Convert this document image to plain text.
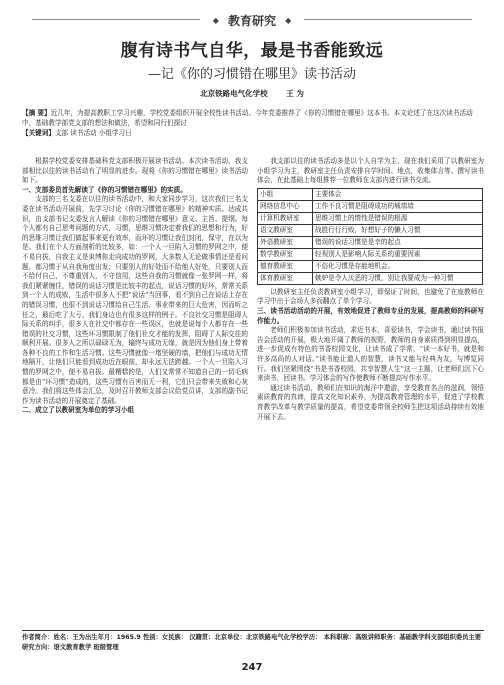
◆ 教育研究 ◆
腹有诗书气自华，最是书香能致远
—记《你的习惯错在哪里》读书活动
北京铁路电气化学校 王 为
【摘 要】近几年，为提高教职工学习兴趣，学校党委组织开展全校性读书活动。今年党委推荐了《你的习惯错在哪里》这本书。本文论述了在这次读书活动中，基础教学部党支部的想法和做法，希望和同行们探讨
【关键词】支部 读书活动 小组学习日

根据学校党委安排基础科党支部积极开展读书活动。本次读书活动，我支部相比以往的读书活动有了明显的进步。现将《你的习惯错在哪里》读书活动如下。

一、支部委员首先解读了《你的习惯错在哪里》的实质。

支部的三名支委在以往的读书活动中，和大家同步学习，这次我们三名支委在读书活动开展前，先学习讨论《你的习惯错在哪里》的精神实质。达成共识，由支部书记支委发言人解读《你的习惯错在哪里》意义、主旨、提纲。每个人都有自己思考问题的方式，习惯，思维习惯决定着我们的思想和行为，好的思维习惯让我们做起事来更有效率，而坏的习惯让我们封闭，保守，在以为是。我们在个人方面剖析的比较多，如：一个人一旦陷入习惯的罗网之中，便不易自拔，自我主义是束缚你走向成功的罗网，大多数人无论做事情还是看问题，都习惯于从自我角度出发；只要别人的好处而不给他人好处，只要别人而不给付自己，不尊重别人，不守信用，这些自我的习惯就像一张罗网一样，将我们紧紧缠住，错误的说话习惯是比较丰的起点，说话习惯的好坏，常常关系到一个人的成败，生活中很多人不把“说话”当回事，看不到自己在说话上存在的错误习惯，也很不到说话习惯给自己生活、事业带来的巨大危害，因而听之任之，最后吃了大亏，我们身边也有很多这样的例子。不良社交习惯是阻碍人际关系的纠手，很多人在社交中都存在一些误区，也就是说每个人都存在一些错误的社交习惯，这些坏习惯限制了他们社交才能的发挥，阻碍了人际交往的顺利开展。很多人之所以碌碌无为，输终与成功无缘，就是因为他们身上带着各种不良的工作和生活习惯。这些习惯就像一堵坚硬的墙，把他们与成功无情地隔开，让他们只能看到成功近在眼前，却永远无法跨越。一个人一旦陷入习惯的罗网之中，便不易自拔。最糟糕的是，人们又常常不知道自己的一切毛病都是由“坏习惯”造成的，这些习惯有百害而无一利，它们只会带来失败和心灰意冷。我们将这些体会汇总，及时召开教师支部会议给党员讲，支部的副书记作为读书活动的开展奠定了基础。

二、成立了以教研室为单位的学习小组

我支部以往的读书活动多是以个人自学为主，现在我们采用了以教研室为小组学习为主，教研室主任负责安排自学时间、地点，收集体言等。撰写读书体会，在此基础上每组推荐一位教师在支部内进行读书交流。

小组	主要体会
网络信息中心	工作不良习惯是阻碍成功的城墙墙
计算机教研室	思维习惯上的惰性是错误的根源
语文教研室	战胜行行行败，好想好子的懒人习惯
外语教研室	错误的说话习惯是是幸的起点
数学教研室	轻视别人是影响人际关系的重要因素
德育教研室	不俗化习惯是存能地机会。
体育教研室	嫉妒是令人厌恶的习惯，别让我要成为一种习惯

以教研室主任负责教研室小组学习，即保证了时间，也避免了在座教师在学习中出于会场人多而翻点了单个学习。

三、读书活动活动的开展，有效地促进了教师专业的发展，提高教师的科研写作能力。

老师们积极参加读书活动，求近书本，喜爱读书，学会读书，通过读书报告会活动的开展，极大地开阔了教师的视野，教师的自身素质得到明显提高，进一步促成有特色的书香校园文化，让读书成了学常，“读一本好书，就是和许多高尚的人对话。”读书能让道人的智慧，读书又能与经典为友，与博览同行。我们坚紧围绕“书是书香校园，共享智慧人生”这一主题，让老师们沉下心来读书，回读书。学习体会的写作使教师不断提高写作水平。

通过读书活动，教师们在知识的海洋中遨游，享受教育名言的滋润，领悟素质教育的真谛，提高文化知识素养，为提高教育管理的水平，促进了学校教育教学改革与教学质量的提高，希望党委带领全校师生把这项活动持续有效地开展下去。

作者简介：姓名：王为出生年月：1965.9 性别：女民族： 汉籍贯：北京单位：北京铁路电气化学校学历： 本科职称：高级讲师职务：基础教学科支部组织委员主要研究方向：语文教育教学 班级管理
247
